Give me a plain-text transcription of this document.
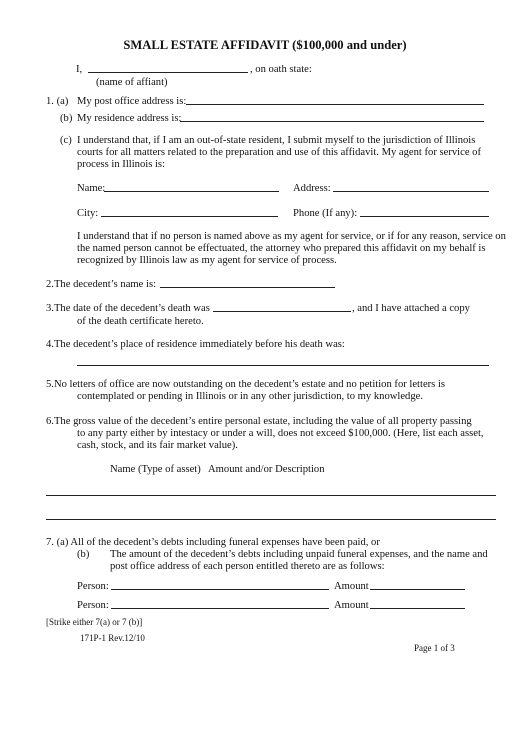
SMALL ESTATE AFFIDAVIT ($100,000 and under)
I,	, on oath state:
(name of affiant)
1. (a) My post office address is:
(b) My residence address is:
(c) I understand that, if I am an out-of-state resident, I submit myself to the jurisdiction of Illinois
courts for all matters related to the preparation and use of this affidavit. My agent for service of
process in Illinois is:
Name:	Address:
City:	Phone (If any):
I understand that if no person is named above as my agent for service, or if for any reason, service on
the named person cannot be effectuated, the attorney who prepared this affidavit on my behalf is
recognized by Illinois law as my agent for service of process.
2.The decedent’s name is:
3.The date of the decedent’s death was	, and I have attached a copy
of the death certificate hereto.
4.The decedent’s place of residence immediately before his death was:
5.No letters of office are now outstanding on the decedent’s estate and no petition for letters is
contemplated or pending in Illinois or in any other jurisdiction, to my knowledge.
6.The gross value of the decedent’s entire personal estate, including the value of all property passing
to any party either by intestacy or under a will, does not exceed $100,000. (Here, list each asset,
cash, stock, and its fair market value).
Name (Type of asset) Amount and/or Description
7. (a) All of the decedent’s debts including funeral expenses have been paid, or
(b) The amount of the decedent’s debts including unpaid funeral expenses, and the name and
post office address of each person entitled thereto are as follows:
Person:	Amount
Person:	Amount
[Strike either 7(a) or 7 (b)]
171P-1 Rev.12/10
Page 1 of 3
